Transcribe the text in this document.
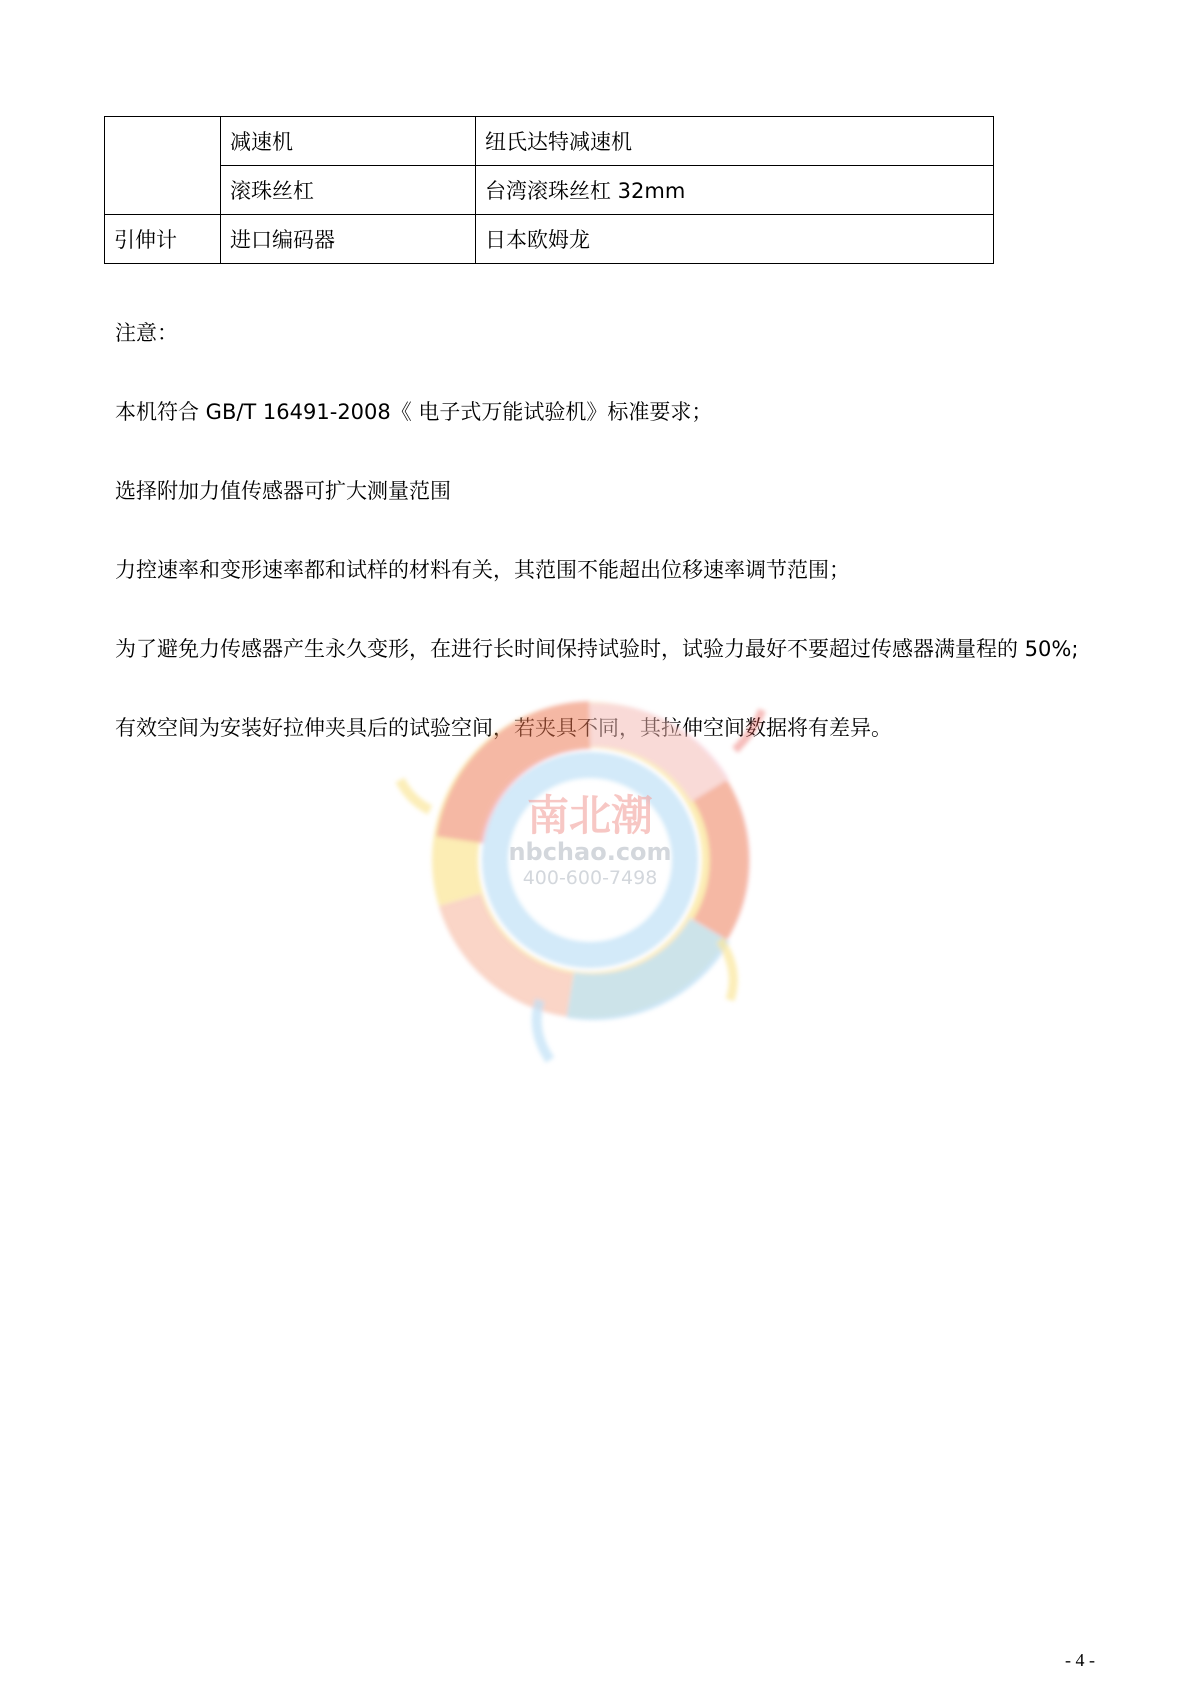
	减速机	纽氏达特减速机
	滚珠丝杠	台湾滚珠丝杠 32mm
引伸计	进口编码器	日本欧姆龙

注意：

本机符合 GB/T 16491-2008《 电子式万能试验机》标准要求；

选择附加力值传感器可扩大测量范围

力控速率和变形速率都和试样的材料有关，其范围不能超出位移速率调节范围；

为了避免力传感器产生永久变形，在进行长时间保持试验时，试验力最好不要超过传感器满量程的 50%;

有效空间为安装好拉伸夹具后的试验空间，若夹具不同，其拉伸空间数据将有差异。

南北潮
nbchao.com
400-600-7498
- 4 -
